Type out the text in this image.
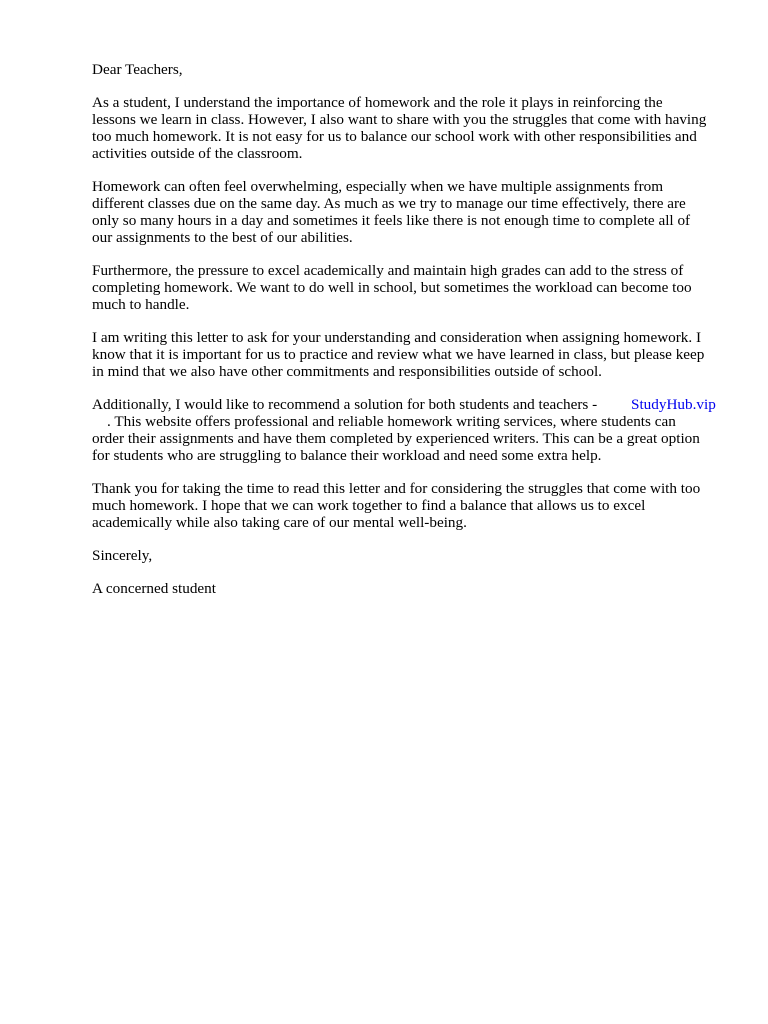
Dear Teachers,
As a student, I understand the importance of homework and the role it plays in reinforcing the
lessons we learn in class. However, I also want to share with you the struggles that come with having
too much homework. It is not easy for us to balance our school work with other responsibilities and
activities outside of the classroom.
Homework can often feel overwhelming, especially when we have multiple assignments from
different classes due on the same day. As much as we try to manage our time effectively, there are
only so many hours in a day and sometimes it feels like there is not enough time to complete all of
our assignments to the best of our abilities.
Furthermore, the pressure to excel academically and maintain high grades can add to the stress of
completing homework. We want to do well in school, but sometimes the workload can become too
much to handle.
I am writing this letter to ask for your understanding and consideration when assigning homework. I
know that it is important for us to practice and review what we have learned in class, but please keep
in mind that we also have other commitments and responsibilities outside of school.
Additionally, I would like to recommend a solution for both students and teachers - StudyHub.vip
. This website offers professional and reliable homework writing services, where students can
order their assignments and have them completed by experienced writers. This can be a great option
for students who are struggling to balance their workload and need some extra help.
Thank you for taking the time to read this letter and for considering the struggles that come with too
much homework. I hope that we can work together to find a balance that allows us to excel
academically while also taking care of our mental well-being.
Sincerely,
A concerned student
